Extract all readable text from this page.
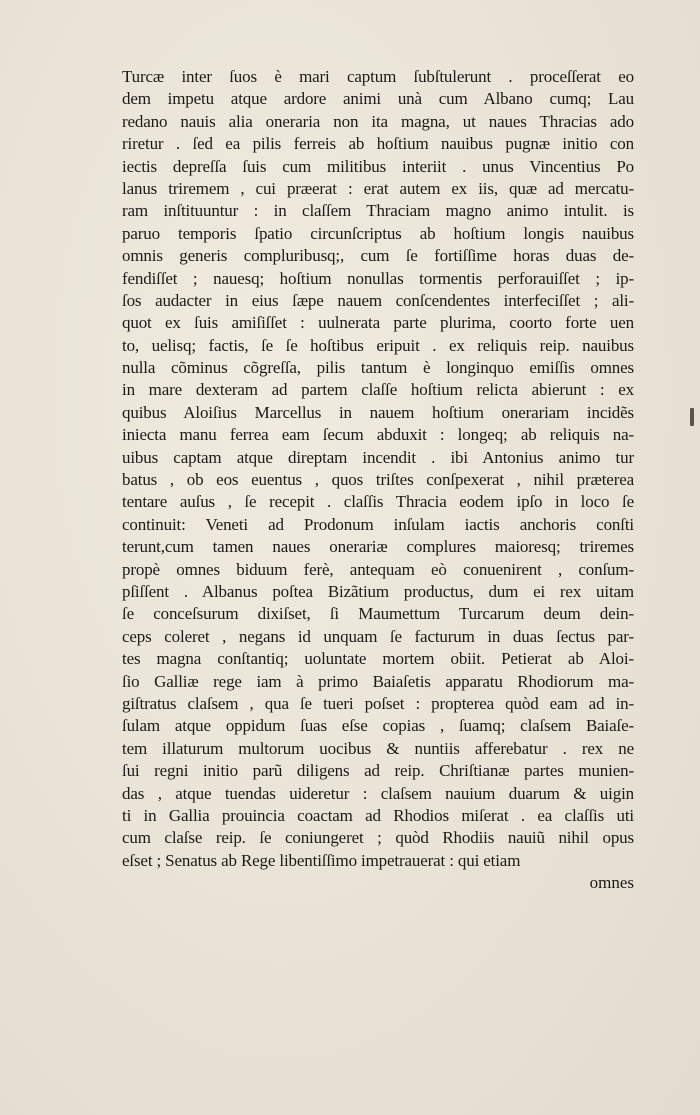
Turcæ inter ſuos è mari captum ſubſtulerunt . proceſſerat eo
dem impetu atque ardore animi unà cum Albano cumq; Lau
redano nauis alia oneraria non ita magna, ut naues Thracias ado
riretur . ſed ea pilis ferreis ab hoſtium nauibus pugnæ initio con
iectis depreſſa ſuis cum militibus interiit . unus Vincentius Po
lanus triremem , cui præerat : erat autem ex iis, quæ ad mercatu-
ram inſtituuntur : in claſſem Thraciam magno animo intulit. is
paruo temporis ſpatio circunſcriptus ab hoſtium longis nauibus
omnis generis compluribusq;, cum ſe fortiſſime horas duas de-
fendiſſet ; nauesq; hoſtium nonullas tormentis perforauiſſet ; ip-
ſos audacter in eius ſæpe nauem conſcendentes interfeciſſet ; ali-
quot ex ſuis amiſiſſet : uulnerata parte plurima, coorto forte uen
to, uelisq; factis, ſe ſe hoſtibus eripuit . ex reliquis reip. nauibus
nulla cõminus cõgreſſa, pilis tantum è longinquo emiſſis omnes
in mare dexteram ad partem claſſe hoſtium relicta abierunt : ex
quibus Aloiſius Marcellus in nauem hoſtium onerariam incidẽs
iniecta manu ferrea eam ſecum abduxit : longeq; ab reliquis na-
uibus captam atque direptam incendit . ibi Antonius animo tur
batus , ob eos euentus , quos triſtes conſpexerat , nihil præterea
tentare auſus , ſe recepit . claſſis Thracia eodem ipſo in loco ſe
continuit: Veneti ad Prodonum inſulam iactis anchoris conſti
terunt,cum tamen naues onerariæ complures maioresq; triremes
propè omnes biduum ferè, antequam eò conuenirent , conſum-
pſiſſent . Albanus poſtea Bizãtium productus, dum ei rex uitam
ſe conceſsurum dixiſset, ſi Maumettum Turcarum deum dein-
ceps coleret , negans id unquam ſe facturum in duas ſectus par-
tes magna conſtantiq; uoluntate mortem obiit. Petierat ab Aloi-
ſio Galliæ rege iam à primo Baiaſetis apparatu Rhodiorum ma-
giſtratus claſsem , qua ſe tueri poſset : propterea quòd eam ad in-
ſulam atque oppidum ſuas eſse copias , ſuamq; claſsem Baiaſe-
tem illaturum multorum uocibus & nuntiis afferebatur . rex ne
ſui regni initio parũ diligens ad reip. Chriſtianæ partes munien-
das , atque tuendas uideretur : claſsem nauium duarum & uigin
ti in Gallia prouincia coactam ad Rhodios miſerat . ea claſſis uti
cum claſse reip. ſe coniungeret ; quòd Rhodiis nauiũ nihil opus
eſset ; Senatus ab Rege libentiſſimo impetrauerat : qui etiam
omnes
